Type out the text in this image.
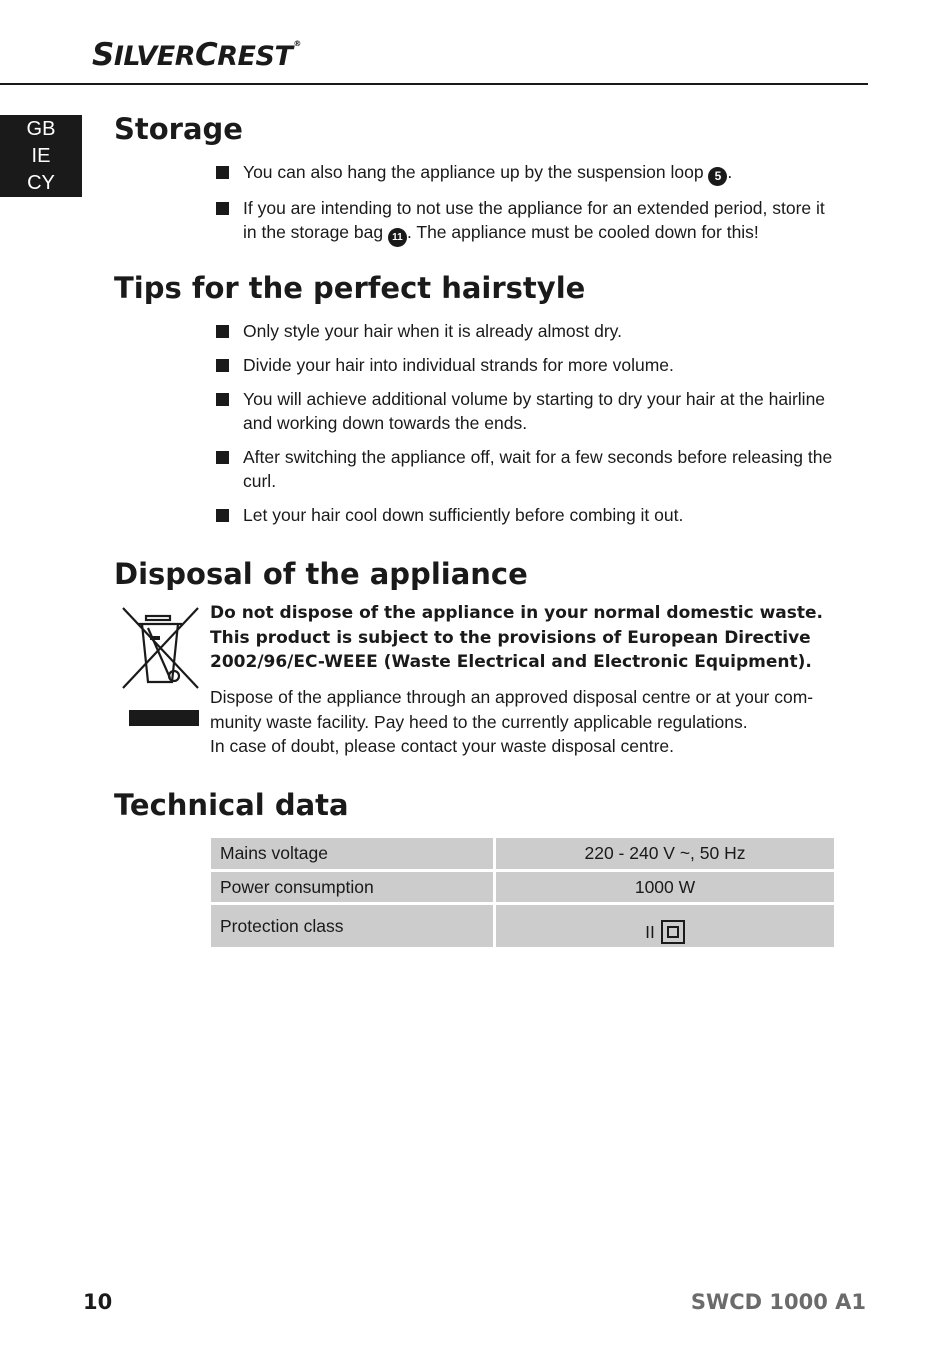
SILVERCREST®
GB
IE
CY
Storage
You can also hang the appliance up by the suspension loop 5 .
If you are intending to not use the appliance for an extended period, store it in the storage bag 11 . The appliance must be cooled down for this!
Tips for the perfect hairstyle
Only style your hair when it is already almost dry.
Divide your hair into individual strands for more volume.
You will achieve additional volume by starting to dry your hair at the hairline and working down towards the ends.
After switching the appliance off, wait for a few seconds before releasing the curl.
Let your hair cool down sufficiently before combing it out.
Disposal of the appliance
Do not dispose of the appliance in your normal domestic waste.
This product is subject to the provisions of European Directive
2002/96/EC-WEEE (Waste Electrical and Electronic Equipment).
Dispose of the appliance through an approved disposal centre or at your com-
munity waste facility. Pay heed to the currently applicable regulations.
In case of doubt, please contact your waste disposal centre.
Technical data
Mains voltage	220 - 240 V ~, 50 Hz
Power consumption	1000 W
Protection class	II
10	SWCD 1000 A1
